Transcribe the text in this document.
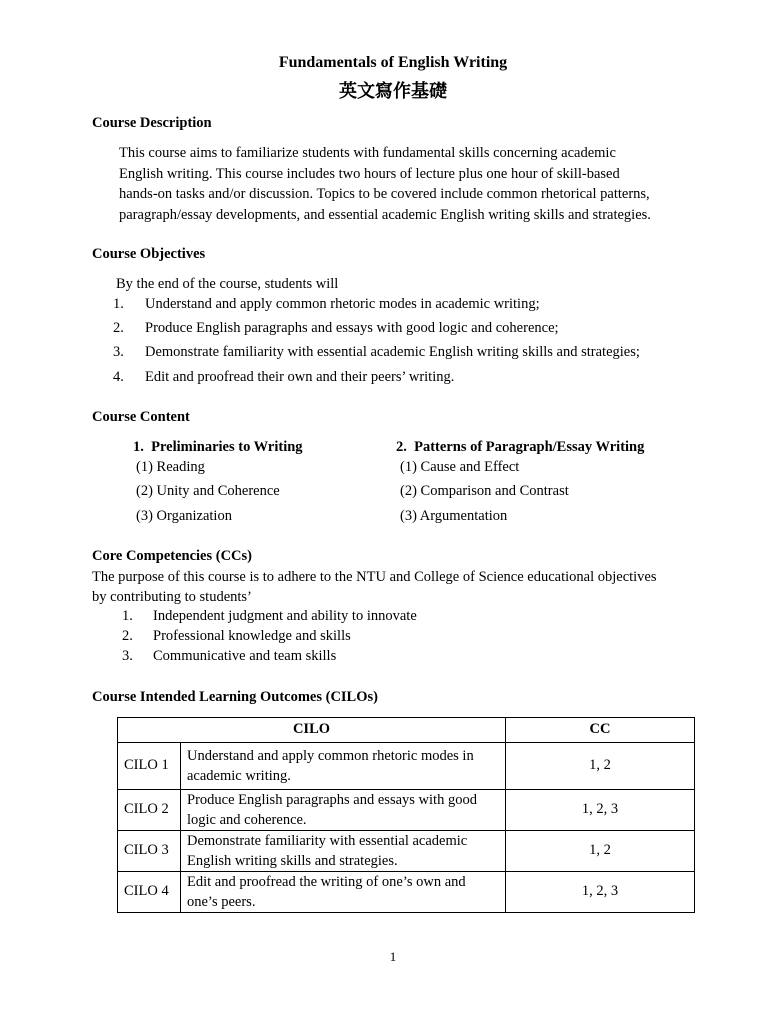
Fundamentals of English Writing
英文寫作基礎
Course Description
This course aims to familiarize students with fundamental skills concerning academic
English writing. This course includes two hours of lecture plus one hour of skill-based
hands-on tasks and/or discussion. Topics to be covered include common rhetorical patterns,
paragraph/essay developments, and essential academic English writing skills and strategies.
Course Objectives
By the end of the course, students will
1. Understand and apply common rhetoric modes in academic writing;
2. Produce English paragraphs and essays with good logic and coherence;
3. Demonstrate familiarity with essential academic English writing skills and strategies;
4. Edit and proofread their own and their peers’ writing.
Course Content
1.  Preliminaries to Writing
(1) Reading
(2) Unity and Coherence
(3) Organization
2.  Patterns of Paragraph/Essay Writing
(1) Cause and Effect
(2) Comparison and Contrast
(3) Argumentation
Core Competencies (CCs)
The purpose of this course is to adhere to the NTU and College of Science educational objectives
by contributing to students’
1. Independent judgment and ability to innovate
2. Professional knowledge and skills
3. Communicative and team skills
Course Intended Learning Outcomes (CILOs)
CILO		CC
CILO 1	Understand and apply common rhetoric modes in
academic writing.	1, 2
CILO 2	Produce English paragraphs and essays with good
logic and coherence.	1, 2, 3
CILO 3	Demonstrate familiarity with essential academic
English writing skills and strategies.	1, 2
CILO 4	Edit and proofread the writing of one’s own and
one’s peers.	1, 2, 3
1
